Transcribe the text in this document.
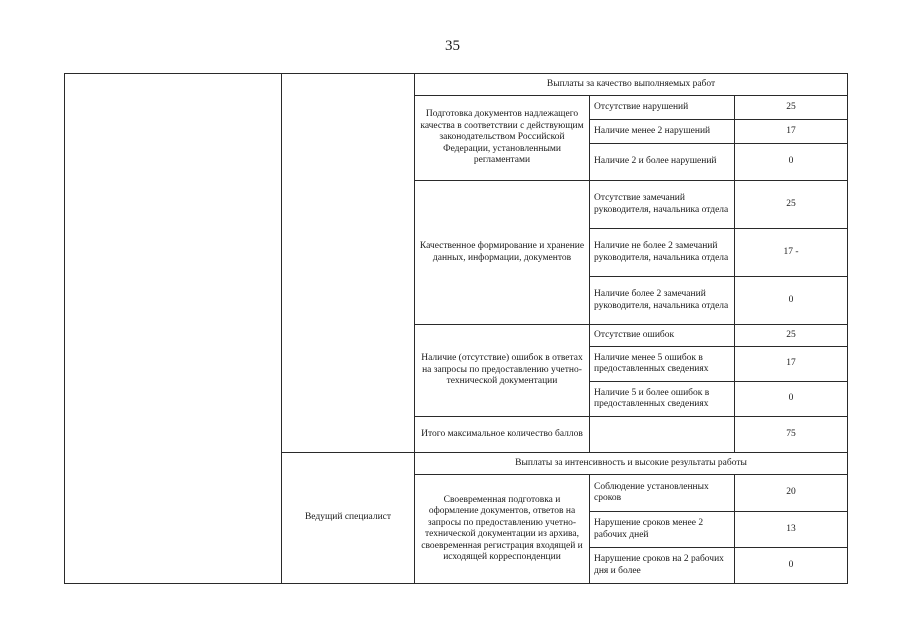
35
		Выплаты за качество выполняемых работ		
		Подготовка документов надлежащего качества в соответствии с действующим законодательством Российской Федерации, установленными регламентами	Отсутствие нарушений	25
			Наличие менее 2 нарушений	17
			Наличие 2 и более нарушений	0
		Качественное формирование и хранение данных, информации, документов	Отсутствие замечаний руководителя, начальника отдела	25
			Наличие не более 2 замечаний руководителя, начальника отдела	17 -
			Наличие более 2 замечаний руководителя, начальника отдела	0
		Наличие (отсутствие) ошибок в ответах на запросы по предоставлению учетно-технической документации	Отсутствие ошибок	25
			Наличие менее 5 ошибок в предоставленных сведениях	17
			Наличие 5 и более ошибок в предоставленных сведениях	0
		Итого максимальное количество баллов		75
	Ведущий специалист	Выплаты за интенсивность и высокие результаты работы		
		Своевременная подготовка и оформление документов, ответов на запросы по предоставлению учетно-технической документации из архива, своевременная регистрация входящей и исходящей корреспонденции	Соблюдение установленных сроков	20
			Нарушение сроков менее 2 рабочих дней	13
			Нарушение сроков на 2 рабочих дня и более	0
